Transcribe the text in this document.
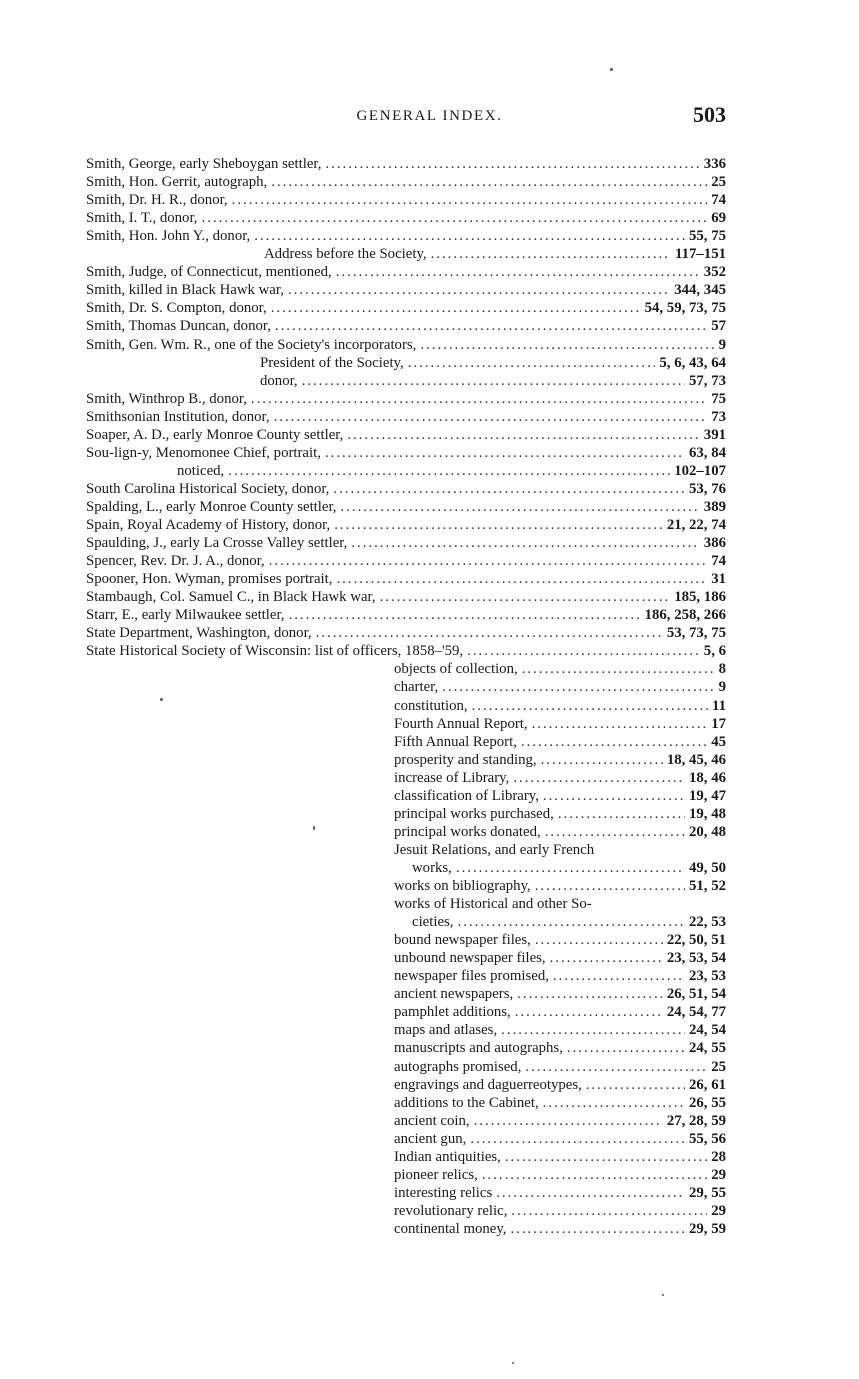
GENERAL INDEX.	503
Smith, George, early Sheboygan settler, .....	336
Smith, Hon. Gerrit, autograph, .....	25
Smith, Dr. H. R., donor, .....	74
Smith, I. T., donor, .....	69
Smith, Hon. John Y., donor, .....	55, 75
Address before the Society, .....	117–151
Smith, Judge, of Connecticut, mentioned, .....	352
Smith, killed in Black Hawk war, .....	344, 345
Smith, Dr. S. Compton, donor, .....	54, 59, 73, 75
Smith, Thomas Duncan, donor, .....	57
Smith, Gen. Wm. R., one of the Society's incorporators, .....	9
President of the Society, .....	5, 6, 43, 64
donor, .....	57, 73
Smith, Winthrop B., donor, .....	75
Smithsonian Institution, donor, .....	73
Soaper, A. D., early Monroe County settler, .....	391
Sou-lign-y, Menomonee Chief, portrait, .....	63, 84
noticed, .....	102–107
South Carolina Historical Society, donor, .....	53, 76
Spalding, L., early Monroe County settler, .....	389
Spain, Royal Academy of History, donor, .....	21, 22, 74
Spaulding, J., early La Crosse Valley settler, .....	386
Spencer, Rev. Dr. J. A., donor, .....	74
Spooner, Hon. Wyman, promises portrait, .....	31
Stambaugh, Col. Samuel C., in Black Hawk war, .....	185, 186
Starr, E., early Milwaukee settler, .....	186, 258, 266
State Department, Washington, donor, .....	53, 73, 75
State Historical Society of Wisconsin: list of officers, 1858–'59, .....	5, 6
objects of collection, .....	8
charter, .....	9
constitution, .....	11
Fourth Annual Report, .....	17
Fifth Annual Report, .....	45
prosperity and standing, .....	18, 45, 46
increase of Library, .....	18, 46
classification of Library, .....	19, 47
principal works purchased, .....	19, 48
principal works donated, .....	20, 48
Jesuit Relations, and early French
works, .....	49, 50
works on bibliography, .....	51, 52
works of Historical and other So-
cieties, .....	22, 53
bound newspaper files, .....	22, 50, 51
unbound newspaper files, .....	23, 53, 54
newspaper files promised, .....	23, 53
ancient newspapers, .....	26, 51, 54
pamphlet additions, .....	24, 54, 77
maps and atlases, .....	24, 54
manuscripts and autographs, .....	24, 55
autographs promised, .....	25
engravings and daguerreotypes, .....	26, 61
additions to the Cabinet, .....	26, 55
ancient coin, .....	27, 28, 59
ancient gun, .....	55, 56
Indian antiquities, .....	28
pioneer relics, .....	29
interesting relics .....	29, 55
revolutionary relic, .....	29
continental money, .....	29, 59
